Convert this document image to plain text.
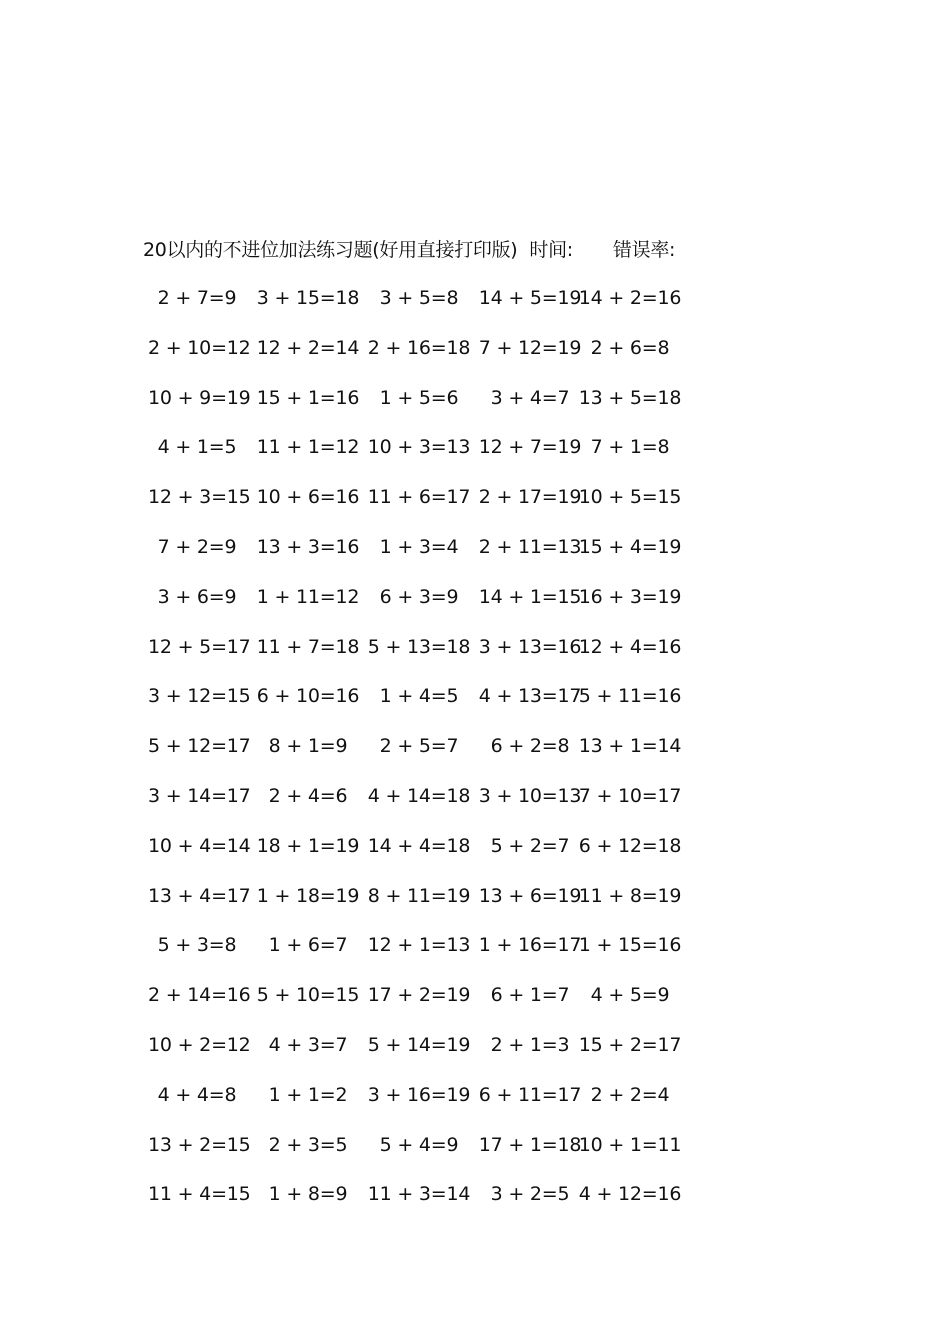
20以内的不进位加法练习题(好用直接打印版) 时间: 错误率:
2 + 7=9 3 + 15=18 3 + 5=8 14 + 5=19
14 + 2=16
2 + 10=12 12 + 2=14 2 + 16=18 7 + 12=19 2 + 6=8
10 + 9=19 15 + 1=16 1 + 5=6 3 + 4=7 13 + 5=18
4 + 1=5 11 + 1=12 10 + 3=13 12 + 7=19 7 + 1=8
12 + 3=15 10 + 6=16 11 + 6=17 2 + 17=19
10 + 5=15
7 + 2=9 13 + 3=16 1 + 3=4 2 + 11=13
15 + 4=19
3 + 6=9 1 + 11=12 6 + 3=9 14 + 1=15
16 + 3=19
12 + 5=17 11 + 7=18 5 + 13=18 3 + 13=16
12 + 4=16
3 + 12=15 6 + 10=16 1 + 4=5 4 + 13=17
5 + 11=16
5 + 12=17 8 + 1=9 2 + 5=7 6 + 2=8 13 + 1=14
3 + 14=17 2 + 4=6 4 + 14=18 3 + 10=13
7 + 10=17
10 + 4=14 18 + 1=19 14 + 4=18 5 + 2=7 6 + 12=18
13 + 4=17 1 + 18=19 8 + 11=19 13 + 6=19
11 + 8=19
5 + 3=8 1 + 6=7 12 + 1=13 1 + 16=17
1 + 15=16
2 + 14=16 5 + 10=15 17 + 2=19 6 + 1=7 4 + 5=9
10 + 2=12 4 + 3=7 5 + 14=19 2 + 1=3 15 + 2=17
4 + 4=8 1 + 1=2 3 + 16=19 6 + 11=17 2 + 2=4
13 + 2=15 2 + 3=5 5 + 4=9 17 + 1=18
10 + 1=11
11 + 4=15 1 + 8=9 11 + 3=14 3 + 2=5 4 + 12=16
